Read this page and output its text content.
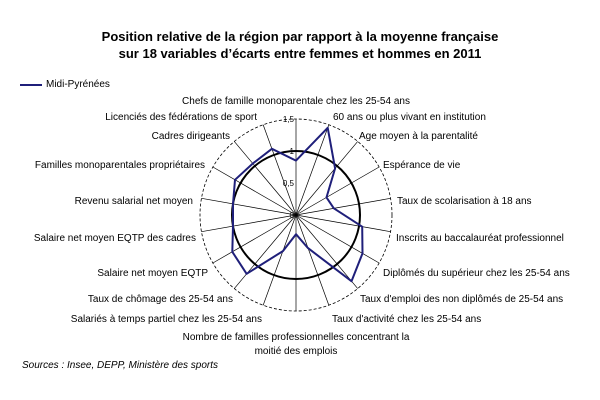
Position relative de la région par rapport à la moyenne française
sur 18 variables d’écarts entre femmes et hommes en 2011
Midi-Pyrénées
0
0,5
1
1,5
Chefs de famille monoparentale chez les 25-54 ans
60 ans ou plus vivant en institution
Age moyen à la parentalité
Espérance de vie
Taux de scolarisation à 18 ans
Inscrits au baccalauréat professionnel
Diplômés du supérieur chez les 25-54 ans
Taux d'emploi des non diplômés de 25-54 ans
Taux d'activité chez les 25-54 ans
Nombre de familles professionnelles concentrant la moitié des emplois
Salariés à temps partiel chez les 25-54 ans
Taux de chômage des 25-54 ans
Salaire net moyen EQTP
Salaire net moyen EQTP des cadres
Revenu salarial net moyen
Familles monoparentales propriétaires
Cadres dirigeants
Licenciés des fédérations de sport
Sources : Insee, DEPP, Ministère des sports
